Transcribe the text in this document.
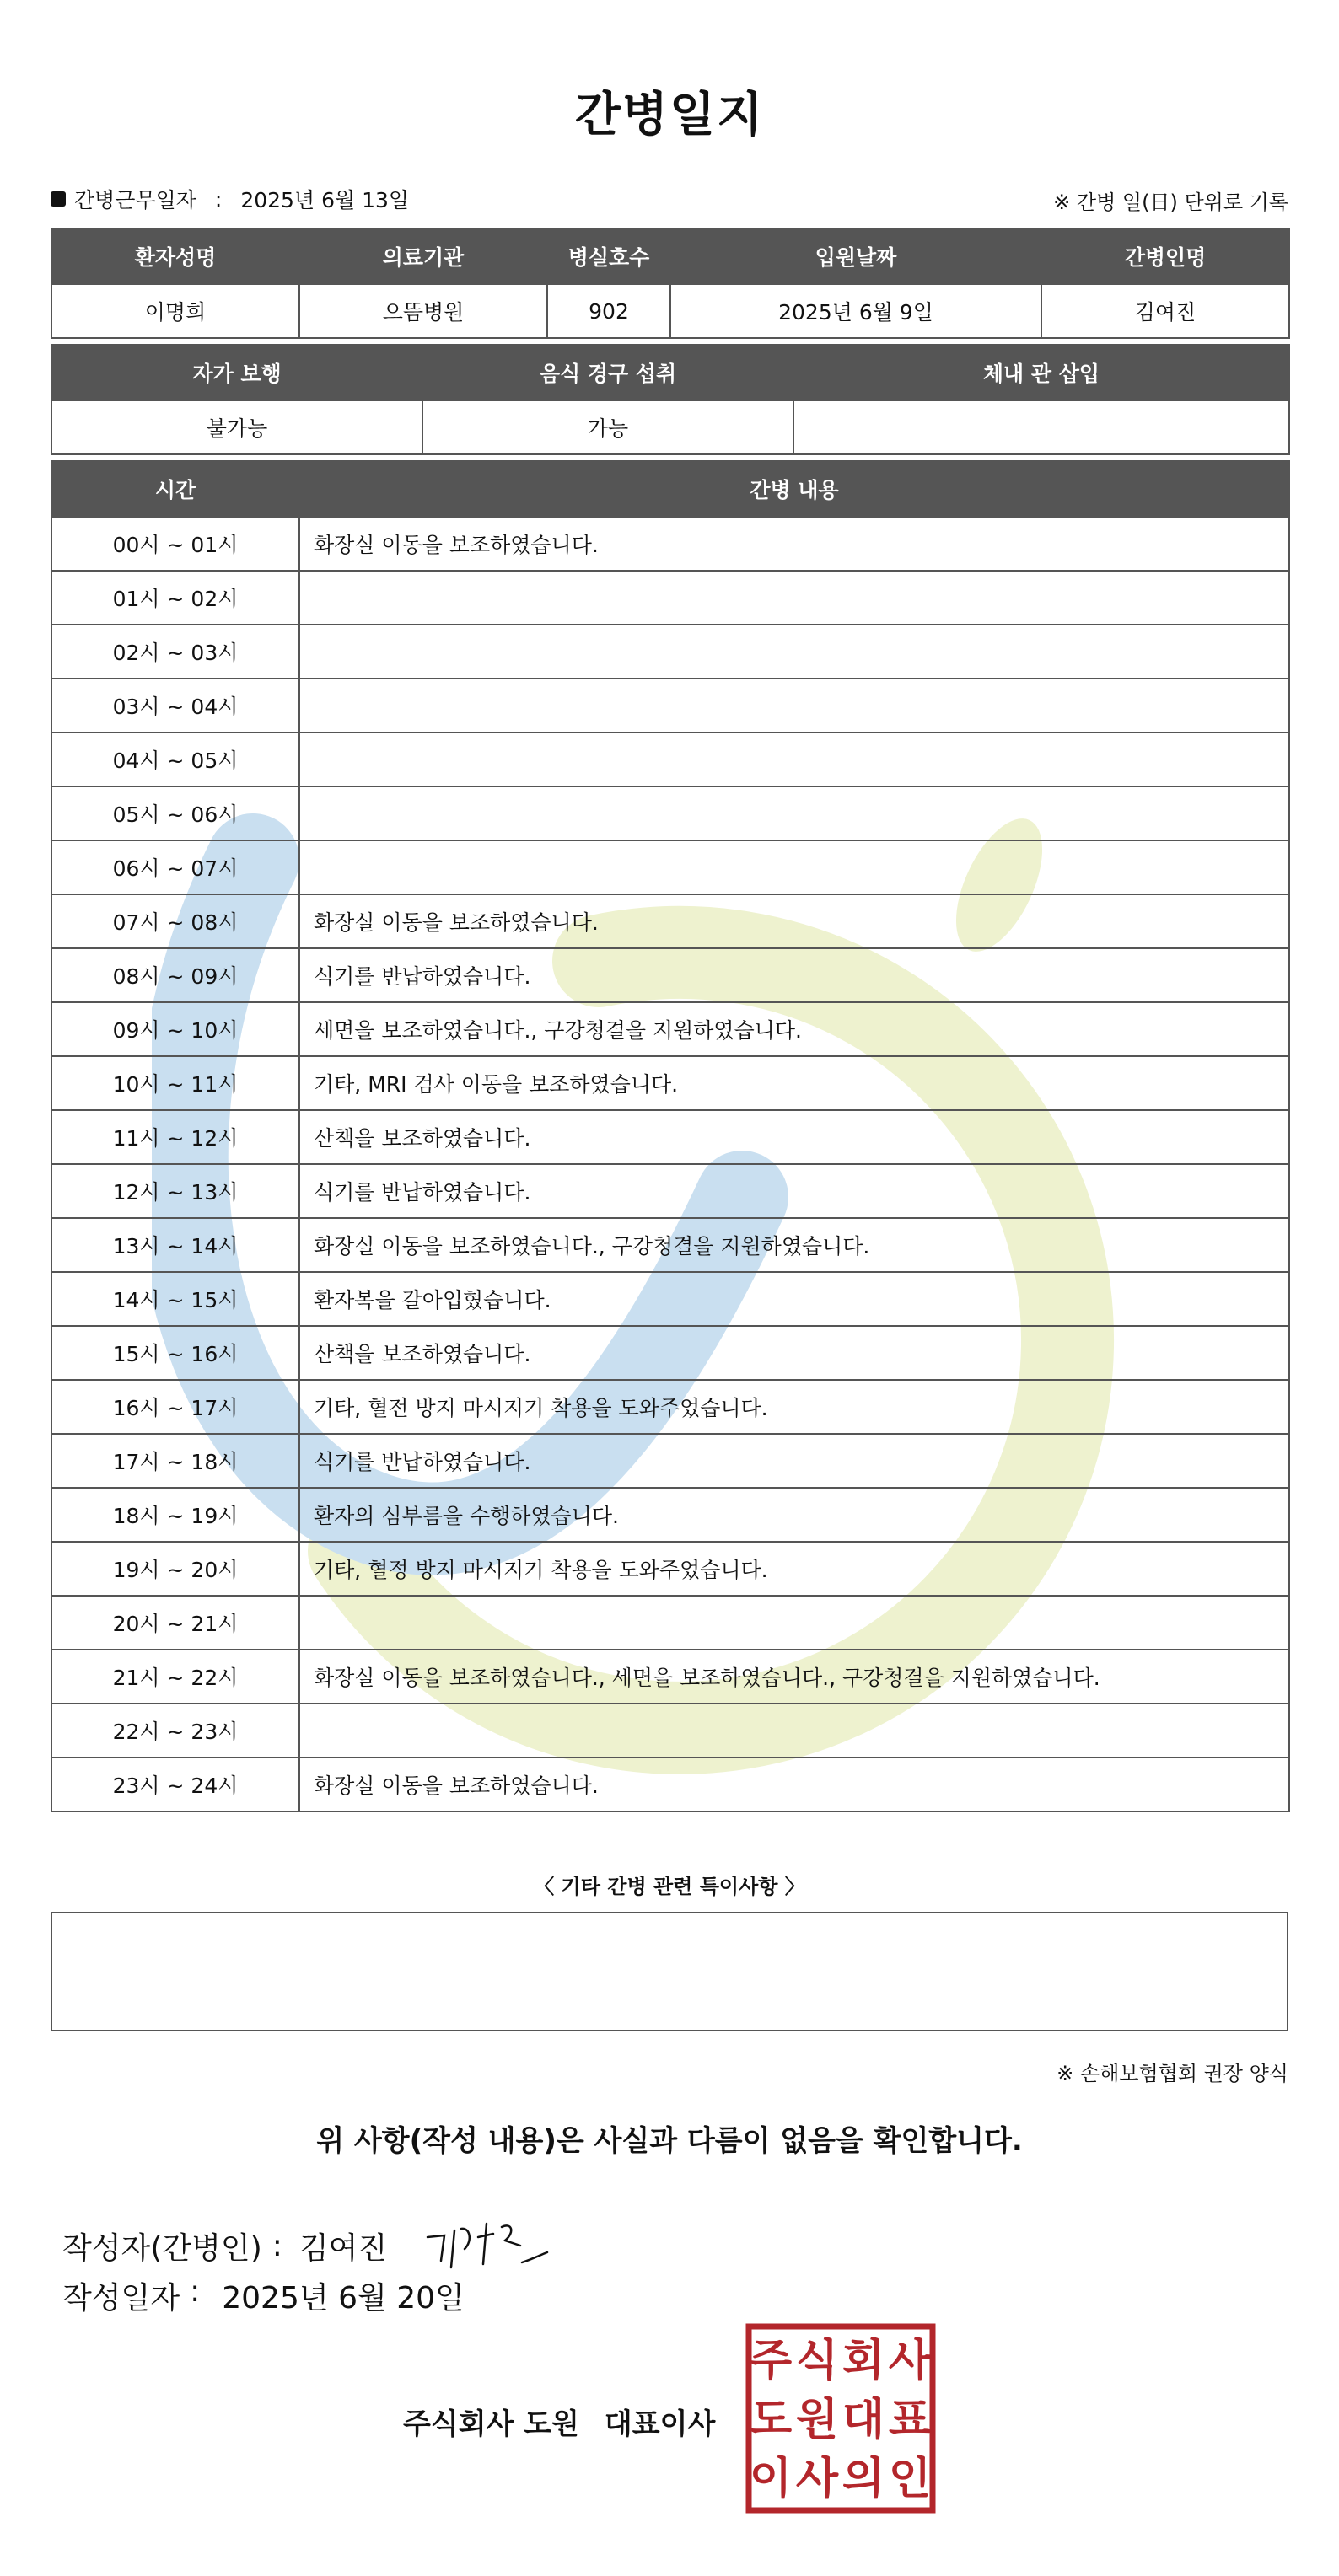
간병일지
간병근무일자 : 2025년 6월 13일	※ 간병 일(日) 단위로 기록
환자성명	의료기관	병실호수	입원날짜	간병인명
이명희	으뜸병원	902	2025년 6월 9일	김여진
자가 보행	음식 경구 섭취	체내 관 삽입
불가능	가능	
시간	간병 내용
00시 ~ 01시	화장실 이동을 보조하였습니다.
01시 ~ 02시	
02시 ~ 03시	
03시 ~ 04시	
04시 ~ 05시	
05시 ~ 06시	
06시 ~ 07시	
07시 ~ 08시	화장실 이동을 보조하였습니다.
08시 ~ 09시	식기를 반납하였습니다.
09시 ~ 10시	세면을 보조하였습니다., 구강청결을 지원하였습니다.
10시 ~ 11시	기타, MRI 검사 이동을 보조하였습니다.
11시 ~ 12시	산책을 보조하였습니다.
12시 ~ 13시	식기를 반납하였습니다.
13시 ~ 14시	화장실 이동을 보조하였습니다., 구강청결을 지원하였습니다.
14시 ~ 15시	환자복을 갈아입혔습니다.
15시 ~ 16시	산책을 보조하였습니다.
16시 ~ 17시	기타, 혈전 방지 마시지기 착용을 도와주었습니다.
17시 ~ 18시	식기를 반납하였습니다.
18시 ~ 19시	환자의 심부름을 수행하였습니다.
19시 ~ 20시	기타, 혈정 방지 마시지기 착용을 도와주었습니다.
20시 ~ 21시	
21시 ~ 22시	화장실 이동을 보조하였습니다., 세면을 보조하였습니다., 구강청결을 지원하였습니다.
22시 ~ 23시	
23시 ~ 24시	화장실 이동을 보조하였습니다.
〈 기타 간병 관련 특이사항 〉
※ 손해보험협회 권장 양식
위 사항(작성 내용)은 사실과 다름이 없음을 확인합니다.
작성자(간병인) : 김여진
작성일자 : 2025년 6월 20일
주식회사 도원 대표이사
주 식 회 사
도 원 대 표
이 사 의 인
